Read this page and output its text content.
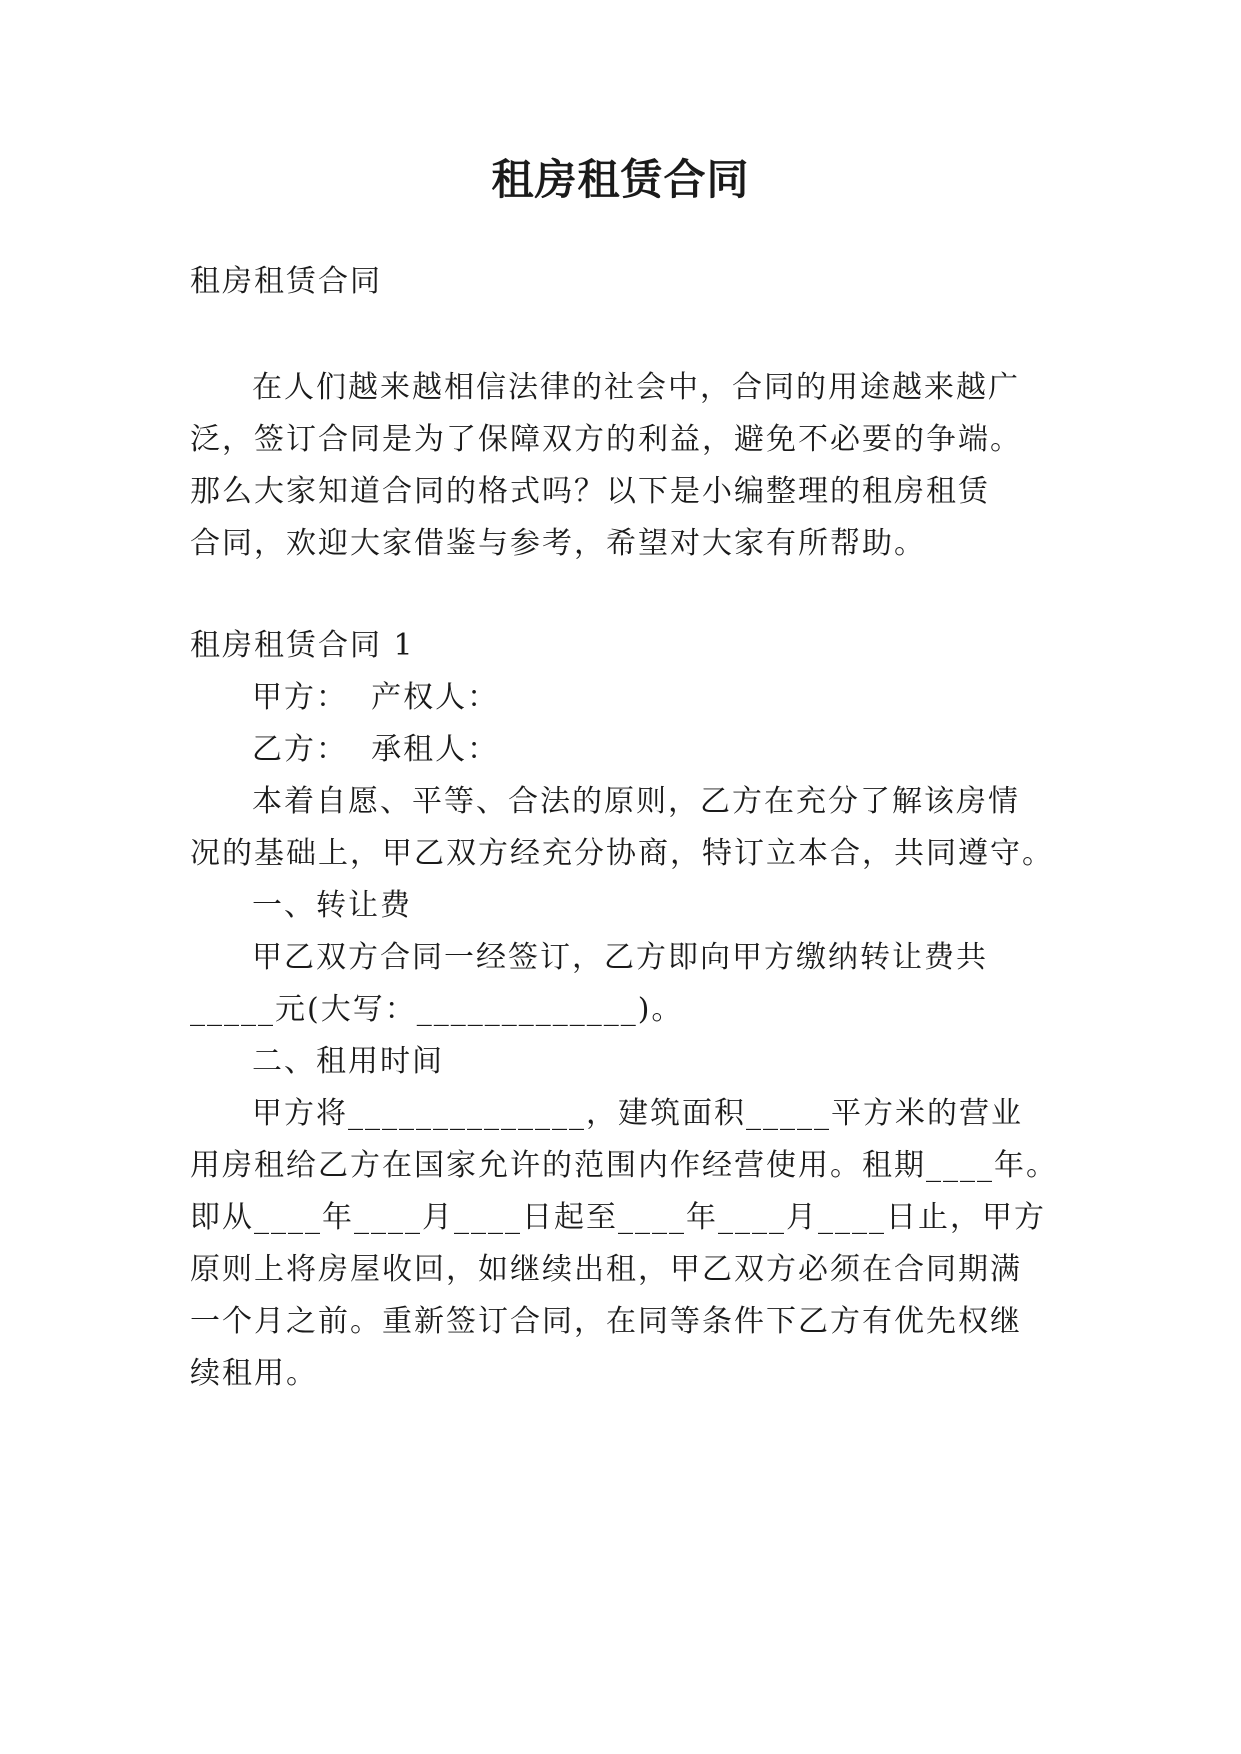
租房租赁合同
租房租赁合同
在人们越来越相信法律的社会中，合同的用途越来越广
泛，签订合同是为了保障双方的利益，避免不必要的争端。
那么大家知道合同的格式吗？以下是小编整理的租房租赁
合同，欢迎大家借鉴与参考，希望对大家有所帮助。
租房租赁合同 1
甲方：  产权人：
乙方：  承租人：
本着自愿、平等、合法的原则，乙方在充分了解该房情
况的基础上，甲乙双方经充分协商，特订立本合，共同遵守。
一、转让费
甲乙双方合同一经签订，乙方即向甲方缴纳转让费共
_____元(大写：_____________)。
二、租用时间
甲方将______________，建筑面积_____平方米的营业
用房租给乙方在国家允许的范围内作经营使用。租期____年。
即从____年____月____日起至____年____月____日止，甲方
原则上将房屋收回，如继续出租，甲乙双方必须在合同期满
一个月之前。重新签订合同，在同等条件下乙方有优先权继
续租用。
